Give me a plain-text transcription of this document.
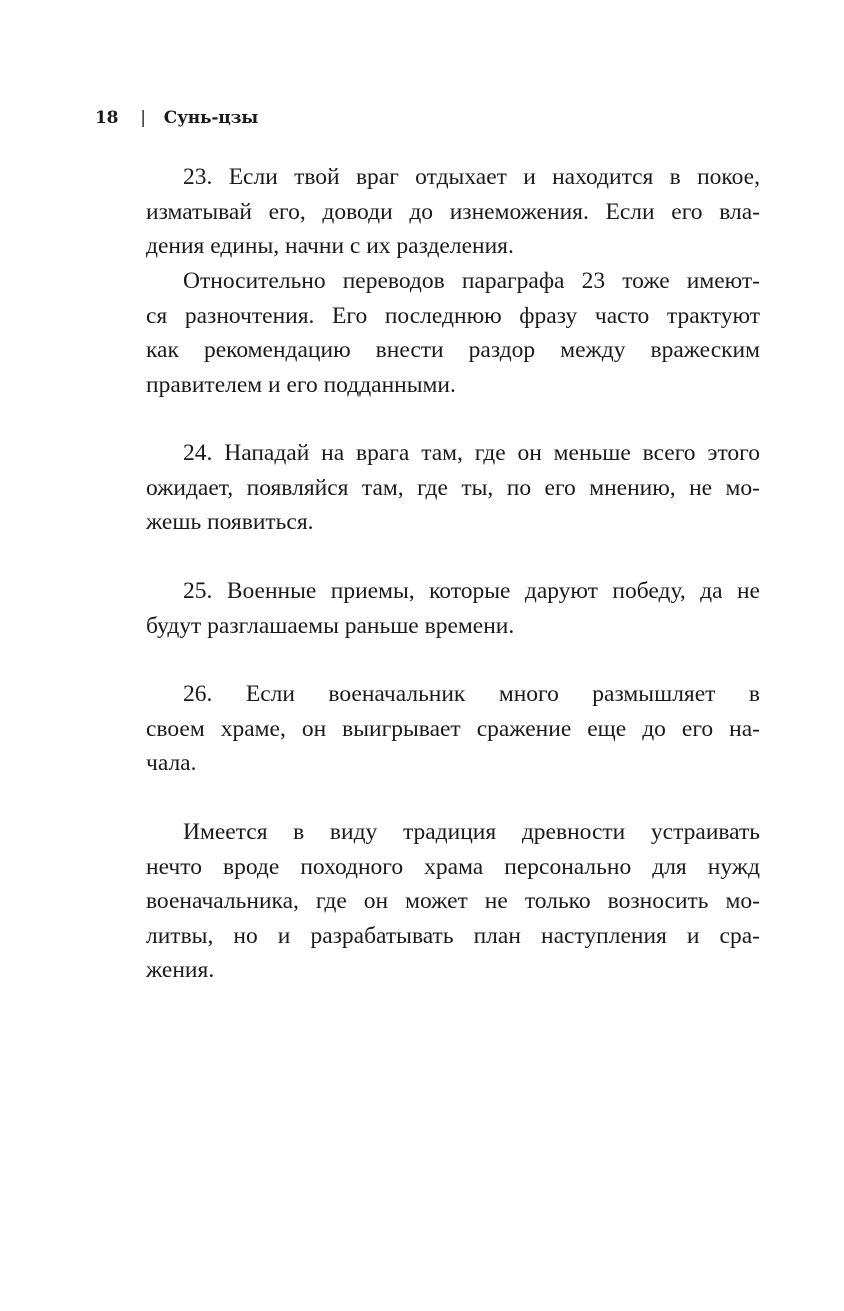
18 | Сунь-цзы
23. Если твой враг отдыхает и находится в покое,
изматывай его, доводи до изнеможения. Если его вла-
дения едины, начни с их разделения.
Относительно переводов параграфа 23 тоже имеют-
ся разночтения. Его последнюю фразу часто трактуют
как рекомендацию внести раздор между вражеским
правителем и его подданными.
24. Нападай на врага там, где он меньше всего этого
ожидает, появляйся там, где ты, по его мнению, не мо-
жешь появиться.
25. Военные приемы, которые даруют победу, да не
будут разглашаемы раньше времени.
26. Если военачальник много размышляет в
своем храме, он выигрывает сражение еще до его на-
чала.
Имеется в виду традиция древности устраивать
нечто вроде походного храма персонально для нужд
военачальника, где он может не только возносить мо-
литвы, но и разрабатывать план наступления и сра-
жения.
